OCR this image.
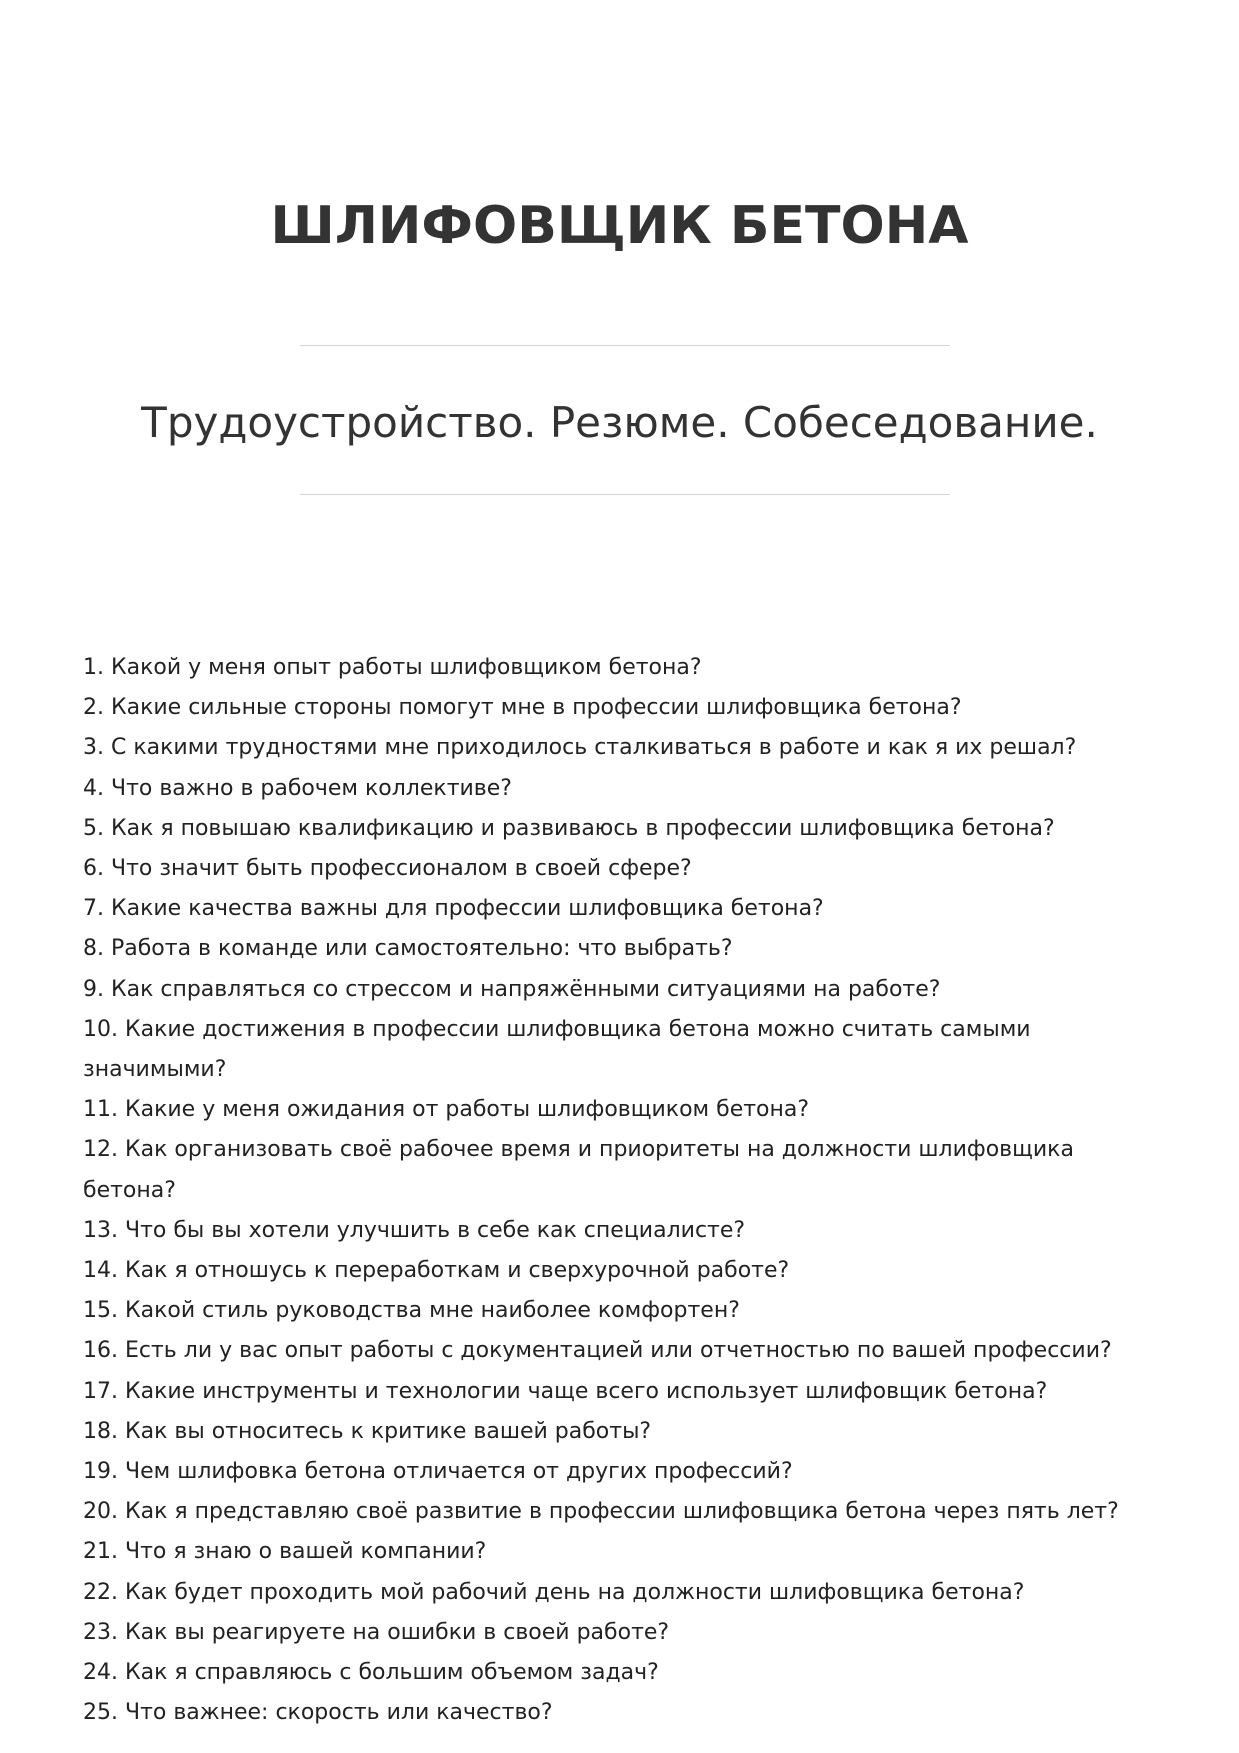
ШЛИФОВЩИК БЕТОНА
Трудоустройство. Резюме. Собеседование.
1. Какой у меня опыт работы шлифовщиком бетона?
2. Какие сильные стороны помогут мне в профессии шлифовщика бетона?
3. С какими трудностями мне приходилось сталкиваться в работе и как я их решал?
4. Что важно в рабочем коллективе?
5. Как я повышаю квалификацию и развиваюсь в профессии шлифовщика бетона?
6. Что значит быть профессионалом в своей сфере?
7. Какие качества важны для профессии шлифовщика бетона?
8. Работа в команде или самостоятельно: что выбрать?
9. Как справляться со стрессом и напряжёнными ситуациями на работе?
10. Какие достижения в профессии шлифовщика бетона можно считать самыми значимыми?
11. Какие у меня ожидания от работы шлифовщиком бетона?
12. Как организовать своё рабочее время и приоритеты на должности шлифовщика бетона?
13. Что бы вы хотели улучшить в себе как специалисте?
14. Как я отношусь к переработкам и сверхурочной работе?
15. Какой стиль руководства мне наиболее комфортен?
16. Есть ли у вас опыт работы с документацией или отчетностью по вашей профессии?
17. Какие инструменты и технологии чаще всего использует шлифовщик бетона?
18. Как вы относитесь к критике вашей работы?
19. Чем шлифовка бетона отличается от других профессий?
20. Как я представляю своё развитие в профессии шлифовщика бетона через пять лет?
21. Что я знаю о вашей компании?
22. Как будет проходить мой рабочий день на должности шлифовщика бетона?
23. Как вы реагируете на ошибки в своей работе?
24. Как я справляюсь с большим объемом задач?
25. Что важнее: скорость или качество?
